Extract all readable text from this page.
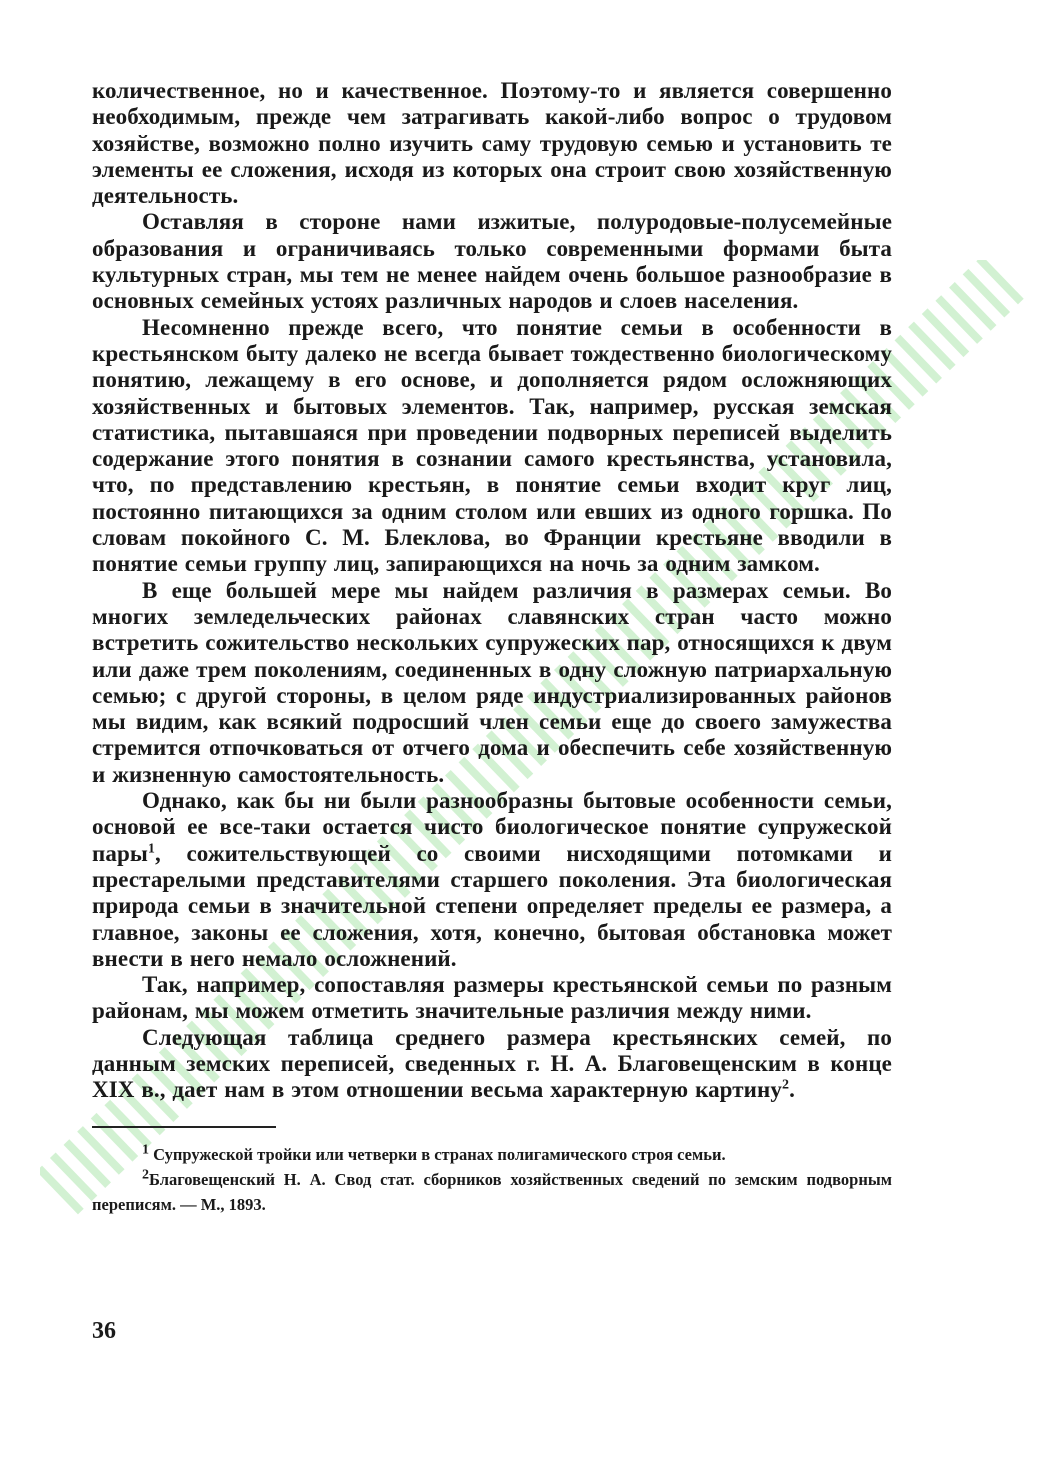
количественное, но и качественное. Поэтому-то и является совершенно необходимым, прежде чем затрагивать какой-либо вопрос о трудовом хозяйстве, возможно полно изучить саму трудовую семью и установить те элементы ее сложения, исходя из которых она строит свою хозяйственную деятельность.

Оставляя в стороне нами изжитые, полуродовые-полусемейные образования и ограничиваясь только современными формами быта культурных стран, мы тем не менее найдем очень большое разнообразие в основных семейных устоях различных народов и слоев населения.

Несомненно прежде всего, что понятие семьи в особенности в крестьянском быту далеко не всегда бывает тождественно биологическому понятию, лежащему в его основе, и дополняется рядом осложняющих хозяйственных и бытовых элементов. Так, например, русская земская статистика, пытавшаяся при проведении подворных переписей выделить содержание этого понятия в сознании самого крестьянства, установила, что, по представлению крестьян, в понятие семьи входит круг лиц, постоянно питающихся за одним столом или евших из одного горшка. По словам покойного С. М. Блеклова, во Франции крестьяне вводили в понятие семьи группу лиц, запирающихся на ночь за одним замком.

В еще большей мере мы найдем различия в размерах семьи. Во многих земледельческих районах славянских стран часто можно встретить сожительство нескольких супружеских пар, относящихся к двум или даже трем поколениям, соединенных в одну сложную патриархальную семью; с другой стороны, в целом ряде индустриализированных районов мы видим, как всякий подросший член семьи еще до своего замужества стремится отпочковаться от отчего дома и обеспечить себе хозяйственную и жизненную самостоятельность.

Однако, как бы ни были разнообразны бытовые особенности семьи, основой ее все-таки остается чисто биологическое понятие супружеской пары$^1$, сожительствующей со своими нисходящими потомками и престарелыми представителями старшего поколения. Эта биологическая природа семьи в значительной степени определяет пределы ее размера, а главное, законы ее сложения, хотя, конечно, бытовая обстановка может внести в него немало осложнений.

Так, например, сопоставляя размеры крестьянской семьи по разным районам, мы можем отметить значительные различия между ними.

Следующая таблица среднего размера крестьянских семей, по данным земских переписей, сведенных г. Н. А. Благовещенским в конце XIX в., дает нам в этом отношении весьма характерную картину$^2$.

$^1$ Супружеской тройки или четверки в странах полигамического строя семьи.

$^2$Благовещенский Н. А. Свод стат. сборников хозяйственных сведений по земским подворным переписям. — М., 1893.

36
